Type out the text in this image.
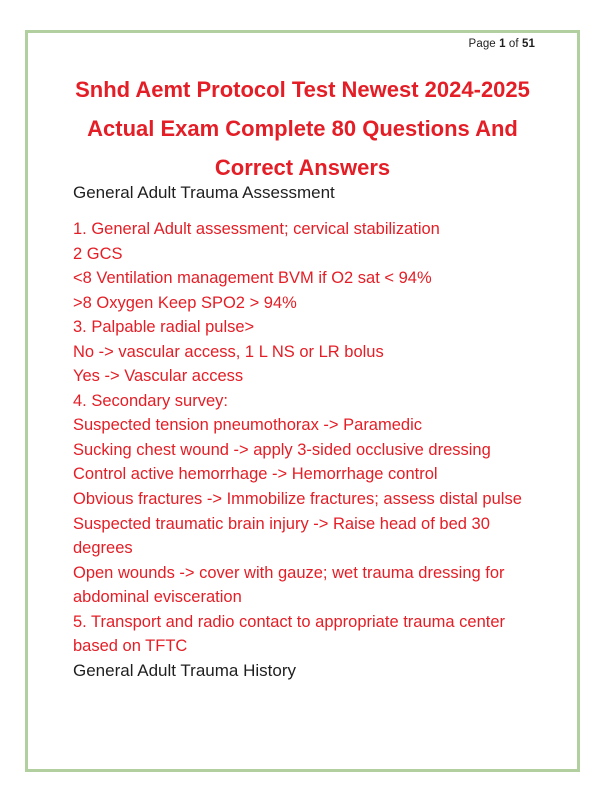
Page 1 of 51
Snhd Aemt Protocol Test Newest 2024-2025
Actual Exam Complete 80 Questions And
Correct Answers
General Adult Trauma Assessment
1. General Adult assessment; cervical stabilization
2 GCS
<8 Ventilation management BVM if O2 sat < 94%
>8 Oxygen Keep SPO2 > 94%
3. Palpable radial pulse>
No -> vascular access, 1 L NS or LR bolus
Yes -> Vascular access
4. Secondary survey:
Suspected tension pneumothorax -> Paramedic
Sucking chest wound -> apply 3-sided occlusive dressing
Control active hemorrhage -> Hemorrhage control
Obvious fractures -> Immobilize fractures; assess distal pulse
Suspected traumatic brain injury -> Raise head of bed 30
degrees
Open wounds -> cover with gauze; wet trauma dressing for
abdominal evisceration
5. Transport and radio contact to appropriate trauma center
based on TFTC
General Adult Trauma History
